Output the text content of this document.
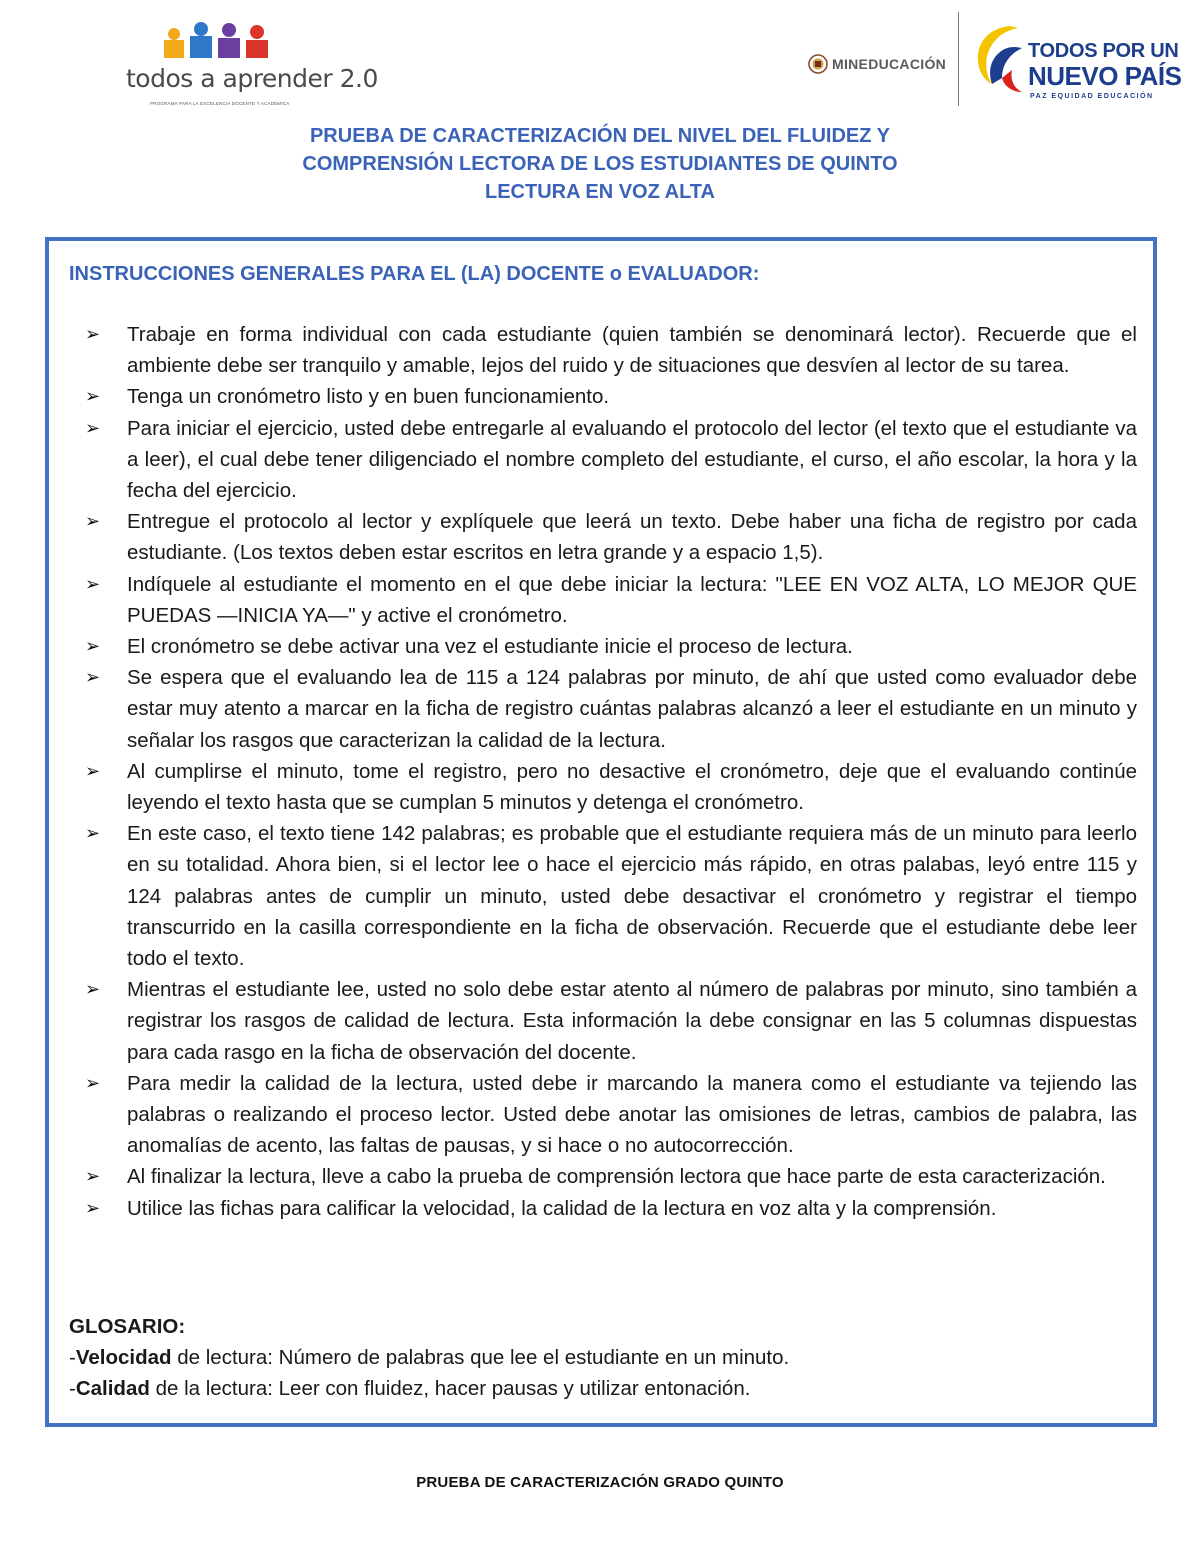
todos a aprender 2.0
PROGRAMA PARA LA EXCELENCIA DOCENTE Y ACADÉMICA
MINEDUCACIÓN
TODOS POR UN
NUEVO PAÍS
PAZ EQUIDAD EDUCACIÓN
PRUEBA DE CARACTERIZACIÓN DEL NIVEL DEL FLUIDEZ Y
COMPRENSIÓN LECTORA DE LOS ESTUDIANTES DE QUINTO
LECTURA EN VOZ ALTA
INSTRUCCIONES GENERALES PARA EL (LA) DOCENTE o EVALUADOR:
➢ Trabaje en forma individual con cada estudiante (quien también se denominará lector). Recuerde que el ambiente debe ser tranquilo y amable, lejos del ruido y de situaciones que desvíen al lector de su tarea.
➢ Tenga un cronómetro listo y en buen funcionamiento.
➢ Para iniciar el ejercicio, usted debe entregarle al evaluando el protocolo del lector (el texto que el estudiante va a leer), el cual debe tener diligenciado el nombre completo del estudiante, el curso, el año escolar, la hora y la fecha del ejercicio.
➢ Entregue el protocolo al lector y explíquele que leerá un texto. Debe haber una ficha de registro por cada estudiante. (Los textos deben estar escritos en letra grande y a espacio 1,5).
➢ Indíquele al estudiante el momento en el que debe iniciar la lectura: "LEE EN VOZ ALTA, LO MEJOR QUE PUEDAS —INICIA YA—" y active el cronómetro.
➢ El cronómetro se debe activar una vez el estudiante inicie el proceso de lectura.
➢ Se espera que el evaluando lea de 115 a 124 palabras por minuto, de ahí que usted como evaluador debe estar muy atento a marcar en la ficha de registro cuántas palabras alcanzó a leer el estudiante en un minuto y señalar los rasgos que caracterizan la calidad de la lectura.
➢ Al cumplirse el minuto, tome el registro, pero no desactive el cronómetro, deje que el evaluando continúe leyendo el texto hasta que se cumplan 5 minutos y detenga el cronómetro.
➢ En este caso, el texto tiene 142 palabras; es probable que el estudiante requiera más de un minuto para leerlo en su totalidad. Ahora bien, si el lector lee o hace el ejercicio más rápido, en otras palabas, leyó entre 115 y 124 palabras antes de cumplir un minuto, usted debe desactivar el cronómetro y registrar el tiempo transcurrido en la casilla correspondiente en la ficha de observación. Recuerde que el estudiante debe leer todo el texto.
➢ Mientras el estudiante lee, usted no solo debe estar atento al número de palabras por minuto, sino también a registrar los rasgos de calidad de lectura. Esta información la debe consignar en las 5 columnas dispuestas para cada rasgo en la ficha de observación del docente.
➢ Para medir la calidad de la lectura, usted debe ir marcando la manera como el estudiante va tejiendo las palabras o realizando el proceso lector. Usted debe anotar las omisiones de letras, cambios de palabra, las anomalías de acento, las faltas de pausas, y si hace o no autocorrección.
➢ Al finalizar la lectura, lleve a cabo la prueba de comprensión lectora que hace parte de esta caracterización.
➢ Utilice las fichas para calificar la velocidad, la calidad de la lectura en voz alta y la comprensión.
GLOSARIO:
-Velocidad de lectura: Número de palabras que lee el estudiante en un minuto.
-Calidad de la lectura: Leer con fluidez, hacer pausas y utilizar entonación.
PRUEBA DE CARACTERIZACIÓN GRADO QUINTO
